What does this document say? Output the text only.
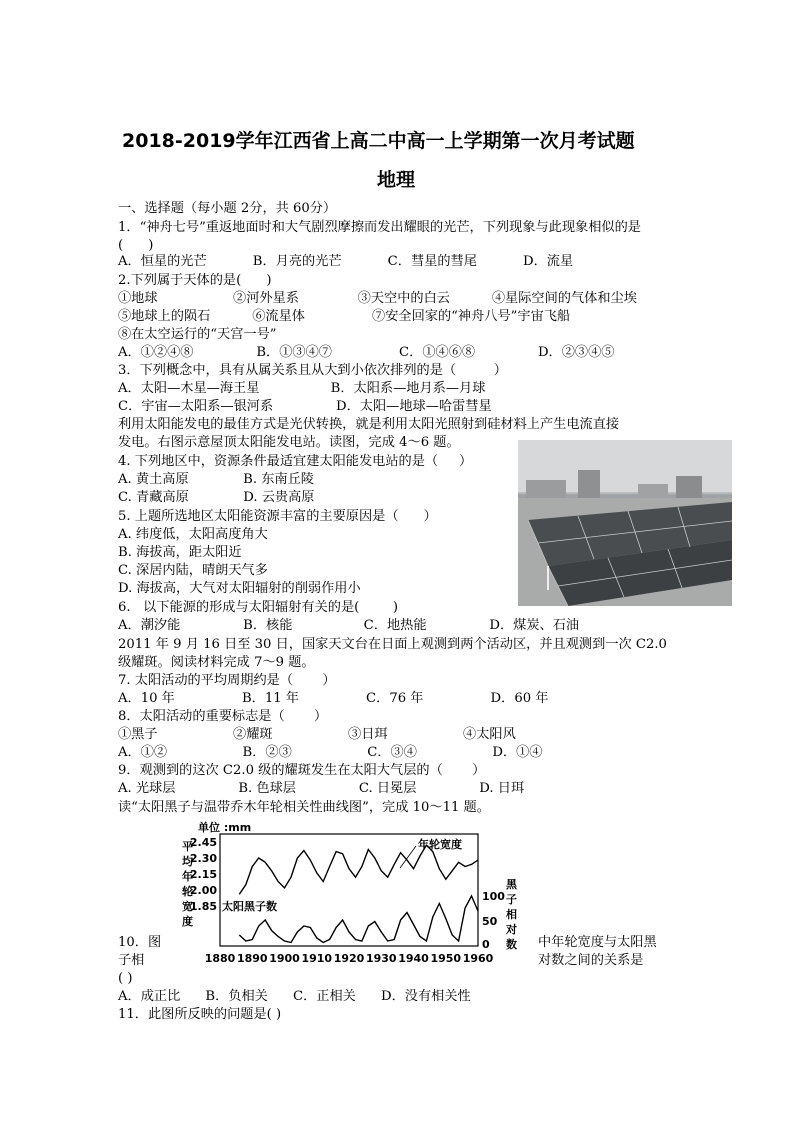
2018-2019学年江西省上高二中高一上学期第一次月考试题
地理
一、选择题（每小题 2分，共 60分）
1．“神舟七号”重返地面时和大气剧烈摩擦而发出耀眼的光芒，下列现象与此现象相似的是
(      )
A．恒星的光芒           B．月亮的光芒           C．彗星的彗尾           D．流星
2.下列属于天体的是(      )
①地球                  ②河外星系              ③天空中的白云          ④星际空间的气体和尘埃
⑤地球上的陨石          ⑥流星体                ⑦安全回家的“神舟八号”宇宙飞船
⑧在太空运行的“天宫一号”
A．①②④⑧               B．①③④⑦                C．①④⑥⑧               D．②③④⑤
3．下列概念中，具有从属关系且从大到小依次排列的是（         ）
A．太阳—木星—海王星                 B．太阳系—地月系—月球
C．宇宙—太阳系—银河系               D．太阳—地球—哈雷彗星
利用太阳能发电的最佳方式是光伏转换，就是利用太阳光照射到硅材料上产生电流直接
发电。右图示意屋顶太阳能发电站。读图，完成 4～6 题。
4. 下列地区中，资源条件最适宜建太阳能发电站的是（     ）
A. 黄土高原             B. 东南丘陵
C. 青藏高原             D. 云贵高原
5. 上题所选地区太阳能资源丰富的主要原因是（      ）
A. 纬度低，太阳高度角大
B. 海拔高，距太阳近
C. 深居内陆，晴朗天气多
D. 海拔高，大气对太阳辐射的削弱作用小
6.   以下能源的形成与太阳辐射有关的是(        )
A．潮汐能               B．核能                 C．地热能               D．煤炭、石油
2011 年 9 月 16 日至 30 日，国家天文台在日面上观测到两个活动区，并且观测到一次 C2.0
级耀斑。阅读材料完成 7～9 题。
7. 太阳活动的平均周期约是（       ）
A．10 年                B．11 年                C．76 年                D．60 年
8．太阳活动的重要标志是（       ）
①黑子                  ②耀斑                  ③日珥                  ④太阳风
A．①②                  B．②③                  C．③④                  D．①④
9．观测到的这次 C2.0 级的耀斑发生在太阳大气层的（       ）
A. 光球层               B. 色球层               C. 日冕层               D. 日珥
读“太阳黑子与温带乔木年轮相关性曲线图”，完成 10～11 题。
单位 :mm
平
均
年
轮
宽
度
2.45
2.30
2.15
2.00
1.85
黑
子
相
对
数
100
50
0
1880 1890 1900 1910 1920 1930 1940 1950 1960
年轮宽度
太阳黑子数
10．图
子相
中年轮宽度与太阳黑
对数之间的关系是
( )
A．成正比      B．负相关      C．正相关      D．没有相关性
11．此图所反映的问题是( )
